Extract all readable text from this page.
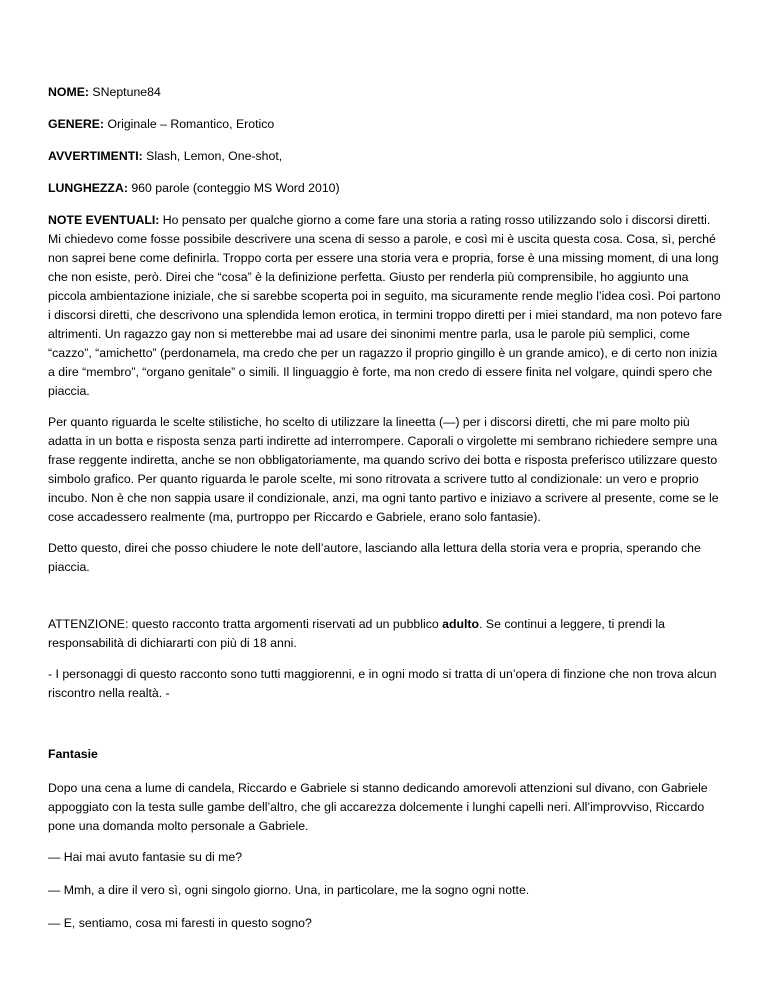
NOME: SNeptune84
GENERE: Originale – Romantico, Erotico
AVVERTIMENTI: Slash, Lemon, One-shot,
LUNGHEZZA: 960 parole (conteggio MS Word 2010)
NOTE EVENTUALI: Ho pensato per qualche giorno a come fare una storia a rating rosso utilizzando solo i discorsi diretti. Mi chiedevo come fosse possibile descrivere una scena di sesso a parole, e così mi è uscita questa cosa. Cosa, sì, perché non saprei bene come definirla. Troppo corta per essere una storia vera e propria, forse è una missing moment, di una long che non esiste, però. Direi che “cosa” è la definizione perfetta. Giusto per renderla più comprensibile, ho aggiunto una piccola ambientazione iniziale, che si sarebbe scoperta poi in seguito, ma sicuramente rende meglio l’idea così. Poi partono i discorsi diretti, che descrivono una splendida lemon erotica, in termini troppo diretti per i miei standard, ma non potevo fare altrimenti. Un ragazzo gay non si metterebbe mai ad usare dei sinonimi mentre parla, usa le parole più semplici, come “cazzo”, “amichetto” (perdonamela, ma credo che per un ragazzo il proprio gingillo è un grande amico), e di certo non inizia a dire “membro”, “organo genitale” o simili. Il linguaggio è forte, ma non credo di essere finita nel volgare, quindi spero che piaccia.
Per quanto riguarda le scelte stilistiche, ho scelto di utilizzare la lineetta (—) per i discorsi diretti, che mi pare molto più adatta in un botta e risposta senza parti indirette ad interrompere. Caporali o virgolette mi sembrano richiedere sempre una frase reggente indiretta, anche se non obbligatoriamente, ma quando scrivo dei botta e risposta preferisco utilizzare questo simbolo grafico. Per quanto riguarda le parole scelte, mi sono ritrovata a scrivere tutto al condizionale: un vero e proprio incubo. Non è che non sappia usare il condizionale, anzi, ma ogni tanto partivo e iniziavo a scrivere al presente, come se le cose accadessero realmente (ma, purtroppo per Riccardo e Gabriele, erano solo fantasie).
Detto questo, direi che posso chiudere le note dell’autore, lasciando alla lettura della storia vera e propria, sperando che piaccia.
ATTENZIONE: questo racconto tratta argomenti riservati ad un pubblico adulto. Se continui a leggere, ti prendi la responsabilità di dichiararti con più di 18 anni.
- I personaggi di questo racconto sono tutti maggiorenni, e in ogni modo si tratta di un’opera di finzione che non trova alcun riscontro nella realtà. -
Fantasie
Dopo una cena a lume di candela, Riccardo e Gabriele si stanno dedicando amorevoli attenzioni sul divano, con Gabriele appoggiato con la testa sulle gambe dell’altro, che gli accarezza dolcemente i lunghi capelli neri. All’improvviso, Riccardo pone una domanda molto personale a Gabriele.
— Hai mai avuto fantasie su di me?
— Mmh, a dire il vero sì, ogni singolo giorno. Una, in particolare, me la sogno ogni notte.
— E, sentiamo, cosa mi faresti in questo sogno?
